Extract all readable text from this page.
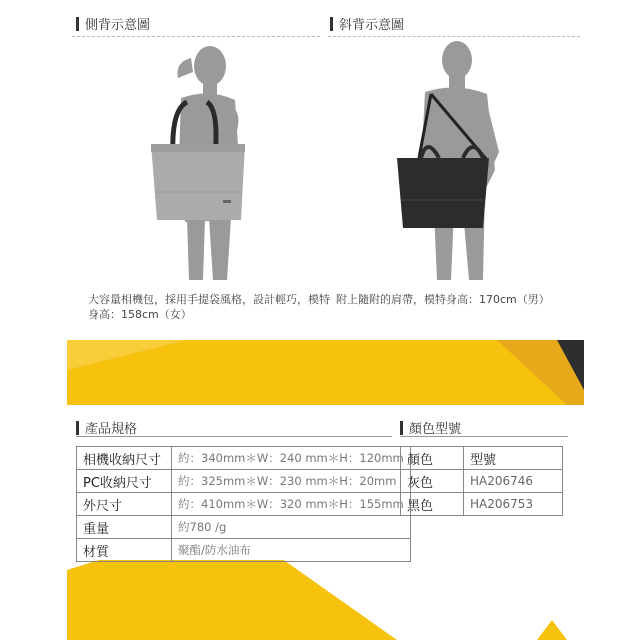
側背示意圖	斜背示意圖
大容量相機包，採用手提袋風格，設計輕巧，模特
身高：158cm（女）
附上隨附的肩帶，模特身高：170cm（男）
產品規格
相機收納尺寸	約：340mm＊W：240 mm＊H：120mm
PC收納尺寸	約：325mm＊W：230 mm＊H：20mm
外尺寸	約：410mm＊W：320 mm＊H：155mm
重量	約780 /g
材質	聚酯/防水油布
顏色型號
顏色	型號
灰色	HA206746
黑色	HA206753
